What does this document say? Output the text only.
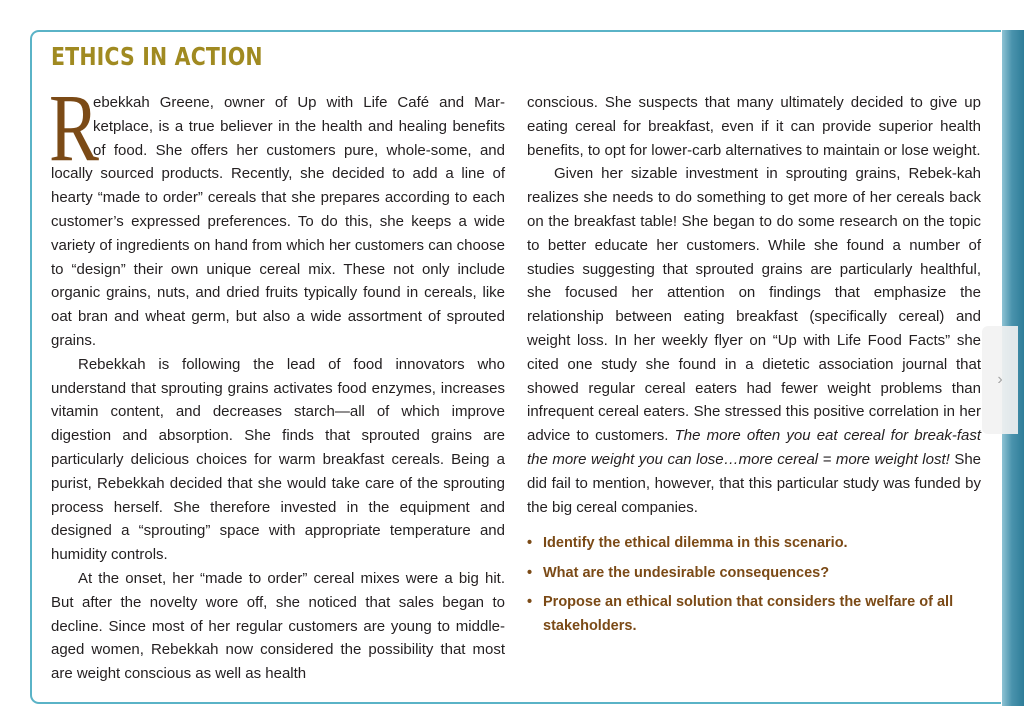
ETHICS IN ACTION

R
ebekkah Greene, owner of Up with Life Café and Mar-ketplace, is a true believer in the health and healing benefits of food. She offers her customers pure, whole-some, and locally sourced products. Recently, she decided to add a line of hearty “made to order” cereals that she prepares according to each customer’s expressed preferences. To do this, she keeps a wide variety of ingredients on hand from which her customers can choose to “design” their own unique cereal mix. These not only include organic grains, nuts, and dried fruits typically found in cereals, like oat bran and wheat germ, but also a wide assortment of sprouted grains.

Rebekkah is following the lead of food innovators who understand that sprouting grains activates food enzymes, increases vitamin content, and decreases starch—all of which improve digestion and absorption. She finds that sprouted grains are particularly delicious choices for warm breakfast cereals. Being a purist, Rebekkah decided that she would take care of the sprouting process herself. She therefore invested in the equipment and designed a “sprouting” space with appropriate temperature and humidity controls.

At the onset, her “made to order” cereal mixes were a big hit. But after the novelty wore off, she noticed that sales began to decline. Since most of her regular customers are young to middle-aged women, Rebekkah now considered the possibility that most are weight conscious as well as health

conscious. She suspects that many ultimately decided to give up eating cereal for breakfast, even if it can provide superior health benefits, to opt for lower-carb alternatives to maintain or lose weight.

Given her sizable investment in sprouting grains, Rebek-kah realizes she needs to do something to get more of her cereals back on the breakfast table! She began to do some research on the topic to better educate her customers. While she found a number of studies suggesting that sprouted grains are particularly healthful, she focused her attention on findings that emphasize the relationship between eating breakfast (specifically cereal) and weight loss. In her weekly flyer on “Up with Life Food Facts” she cited one study she found in a dietetic association journal that showed regular cereal eaters had fewer weight problems than infrequent cereal eaters. She stressed this positive correlation in her advice to customers. The more often you eat cereal for break-fast the more weight you can lose…more cereal = more weight lost! She did fail to mention, however, that this particular study was funded by the big cereal companies.

• Identify the ethical dilemma in this scenario.
• What are the undesirable consequences?
• Propose an ethical solution that considers the welfare of all stakeholders.
›
